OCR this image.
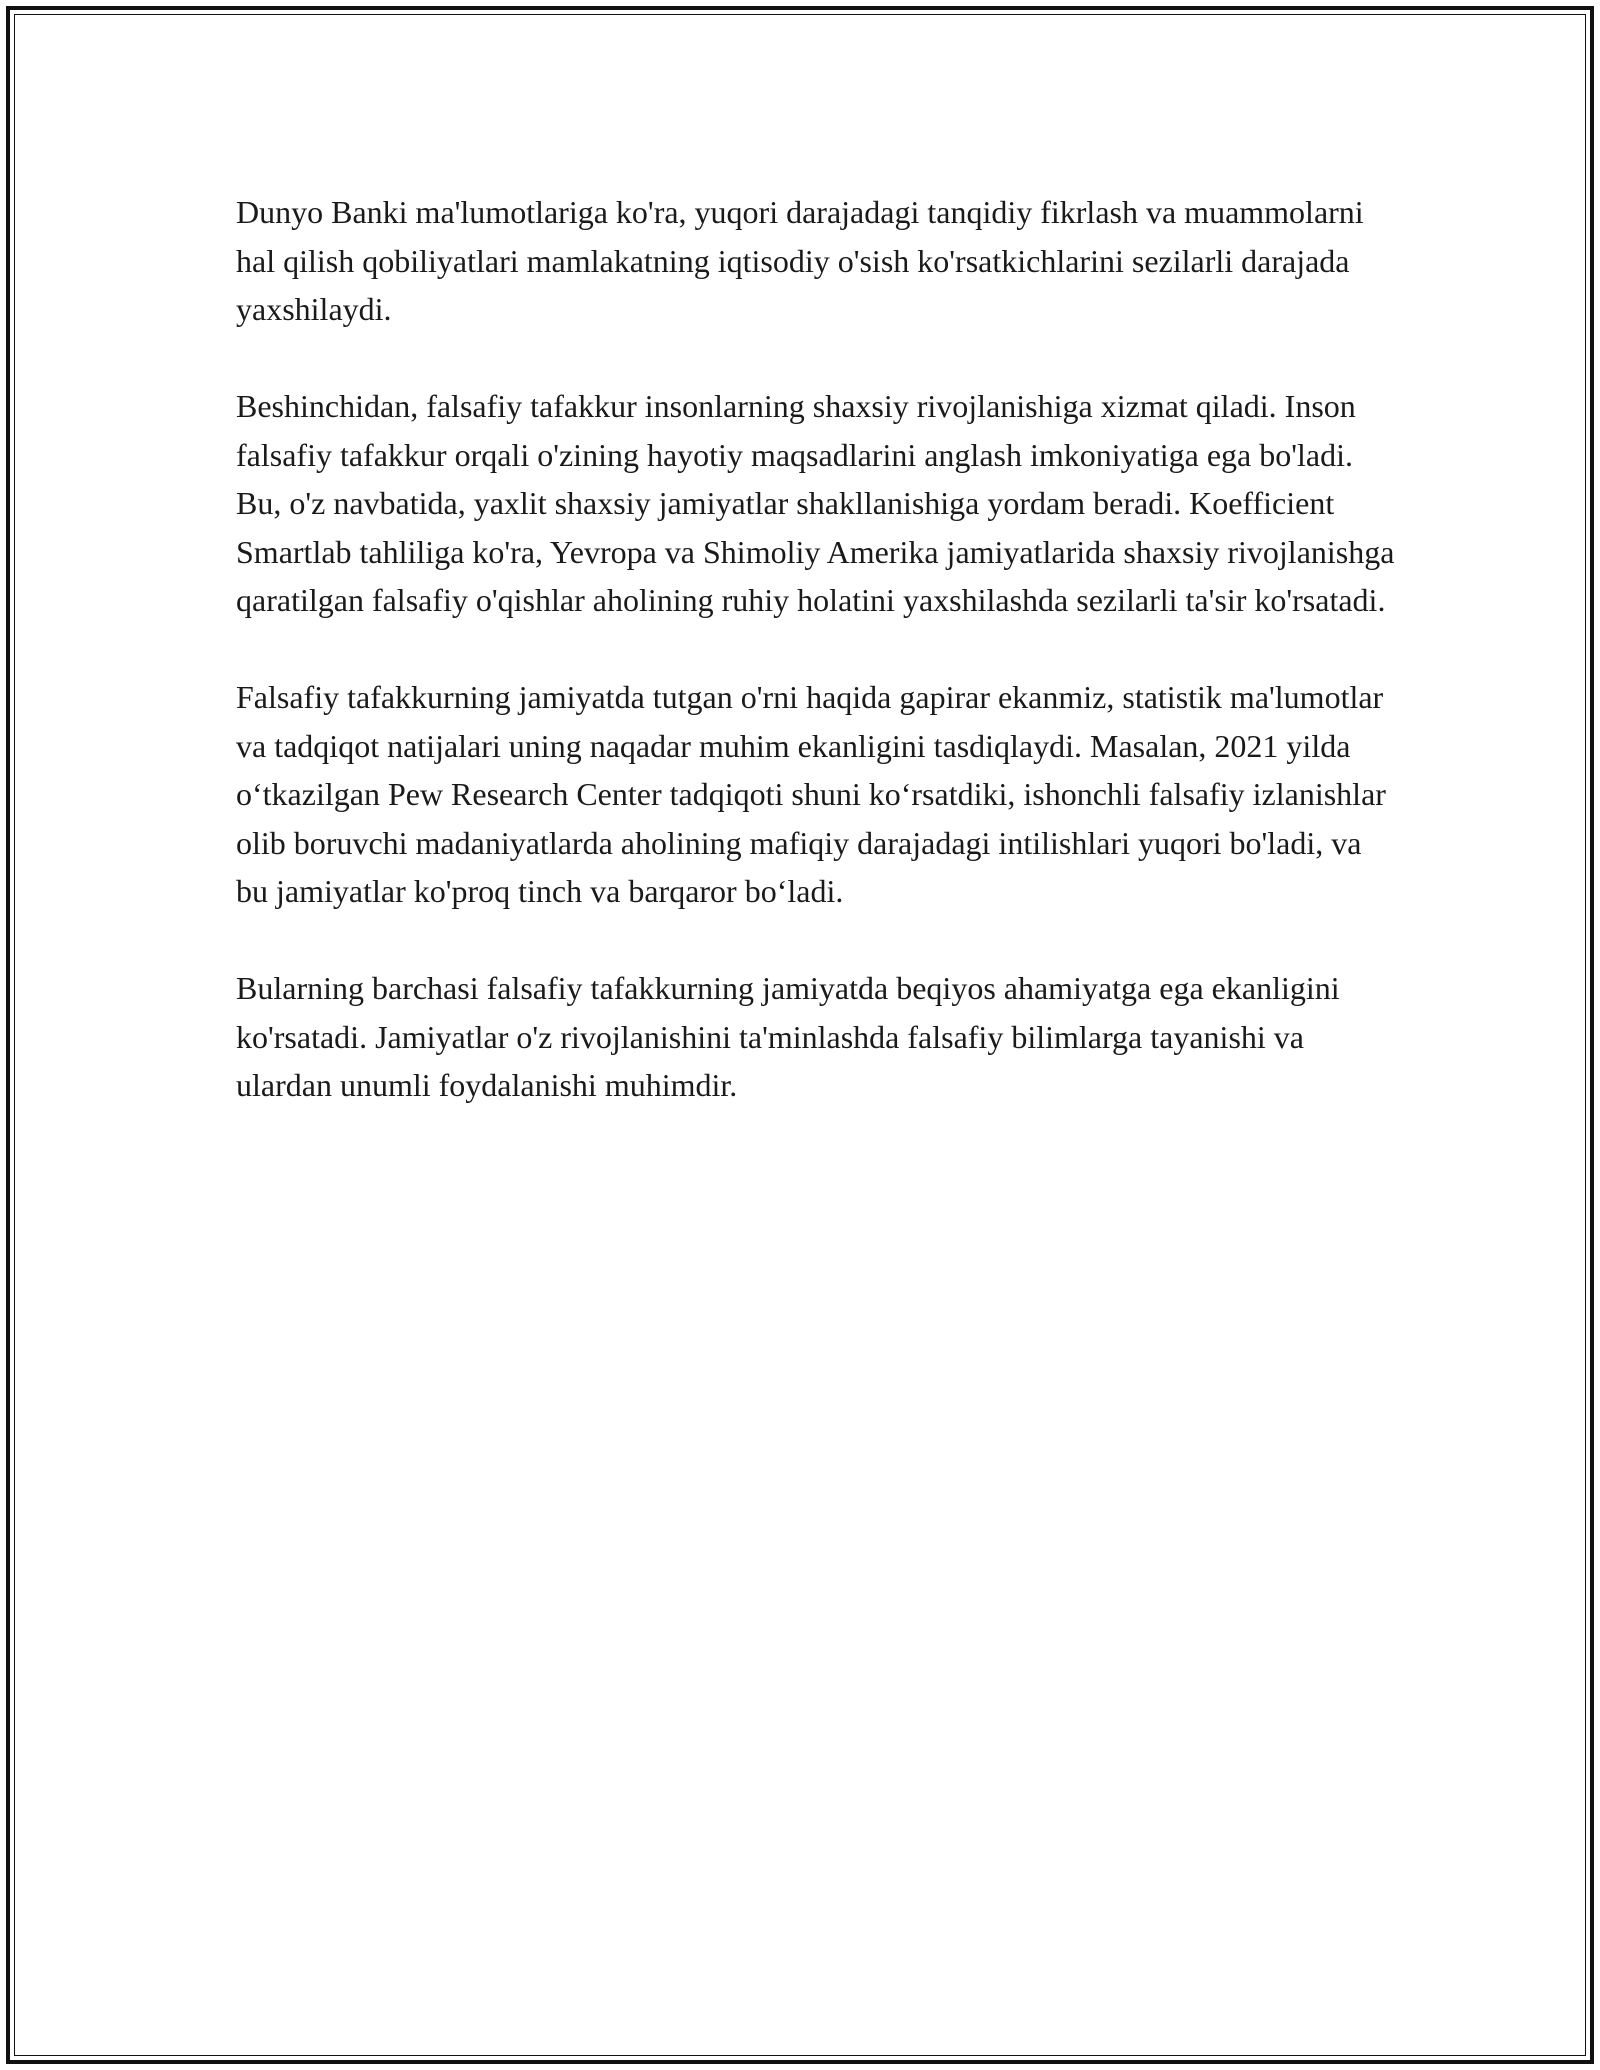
Dunyo Banki ma'lumotlariga ko'ra, yuqori darajadagi tanqidiy fikrlash va muammolarni hal qilish qobiliyatlari mamlakatning iqtisodiy o'sish ko'rsatkichlarini sezilarli darajada yaxshilaydi.

Beshinchidan, falsafiy tafakkur insonlarning shaxsiy rivojlanishiga xizmat qiladi. Inson falsafiy tafakkur orqali o'zining hayotiy maqsadlarini anglash imkoniyatiga ega bo'ladi. Bu, o'z navbatida, yaxlit shaxsiy jamiyatlar shakllanishiga yordam beradi. Koefficient Smartlab tahliliga ko'ra, Yevropa va Shimoliy Amerika jamiyatlarida shaxsiy rivojlanishga qaratilgan falsafiy o'qishlar aholining ruhiy holatini yaxshilashda sezilarli ta'sir ko'rsatadi.

Falsafiy tafakkurning jamiyatda tutgan o'rni haqida gapirar ekanmiz, statistik ma'lumotlar va tadqiqot natijalari uning naqadar muhim ekanligini tasdiqlaydi. Masalan, 2021 yilda o‘tkazilgan Pew Research Center tadqiqoti shuni ko‘rsatdiki, ishonchli falsafiy izlanishlar olib boruvchi madaniyatlarda aholining mafiqiy darajadagi intilishlari yuqori bo'ladi, va bu jamiyatlar ko'proq tinch va barqaror bo‘ladi.

Bularning barchasi falsafiy tafakkurning jamiyatda beqiyos ahamiyatga ega ekanligini ko'rsatadi. Jamiyatlar o'z rivojlanishini ta'minlashda falsafiy bilimlarga tayanishi va ulardan unumli foydalanishi muhimdir.
